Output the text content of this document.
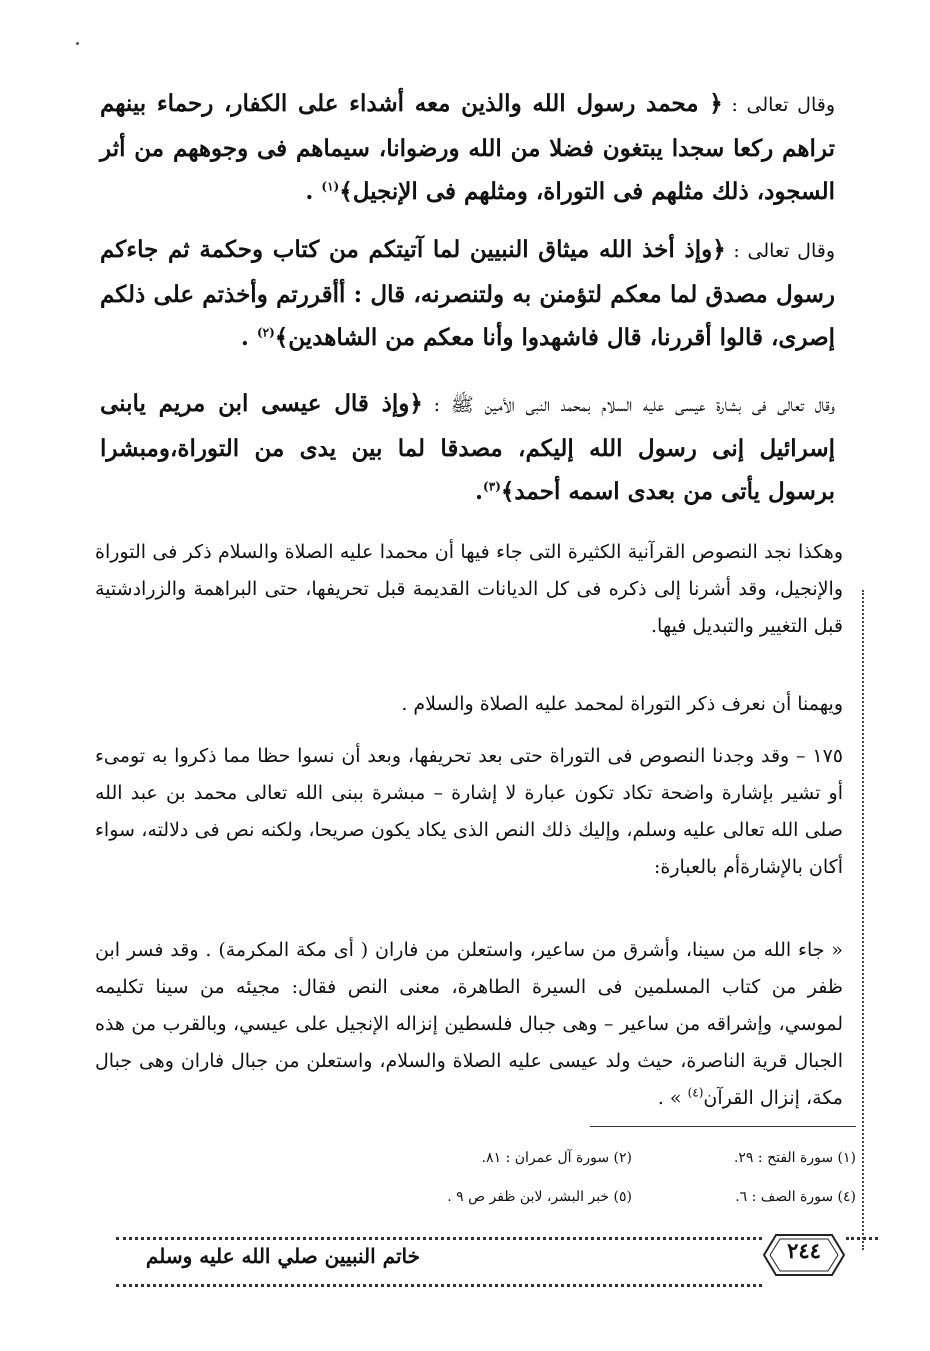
وقال تعالى : ﴿ محمد رسول الله والذين معه أشداء على الكفار، رحماء بينهم تراهم ركعا سجدا يبتغون فضلا من الله ورضوانا، سيماهم فى وجوههم من أثر السجود، ذلك مثلهم فى التوراة، ومثلهم فى الإنجيل﴾$^{(١)}$ .

وقال تعالى : ﴿وإذ أخذ الله ميثاق النبيين لما آتيتكم من كتاب وحكمة ثم جاءكم رسول مصدق لما معكم لتؤمنن به ولتنصرنه، قال : أأقررتم وأخذتم على ذلكم إصرى، قالوا أقررنا، قال فاشهدوا وأنا معكم من الشاهدين﴾$^{(٢)}$ .

وقال تعالى فى بشارة عيسى عليه السلام بمحمد النبى الأمين ﷺ : ﴿وإذ قال عيسى ابن مريم يابنى إسرائيل إنى رسول الله إليكم، مصدقا لما بين يدى من التوراة،ومبشرا برسول يأتى من بعدى اسمه أحمد﴾$^{(٣)}$.

وهكذا نجد النصوص القرآنية الكثيرة التى جاء فيها أن محمدا عليه الصلاة والسلام ذكر فى التوراة والإنجيل، وقد أشرنا إلى ذكره فى كل الديانات القديمة قبل تحريفها، حتى البراهمة والزرادشتية قبل التغيير والتبديل فيها.

ويهمنا أن نعرف ذكر التوراة لمحمد عليه الصلاة والسلام .

١٧٥ – وقد وجدنا النصوص فى التوراة حتى بعد تحريفها، وبعد أن نسوا حظا مما ذكروا به تومىء أو تشير بإشارة واضحة تكاد تكون عبارة لا إشارة – مبشرة ببنى الله تعالى محمد بن عبد الله صلى الله تعالى عليه وسلم، وإليك ذلك النص الذى يكاد يكون صريحا، ولكنه نص فى دلالته، سواء أكان بالإشارةأم بالعبارة:

« جاء الله من سينا، وأشرق من ساعير، واستعلن من فاران ( أى مكة المكرمة) . وقد فسر ابن ظفر من كتاب المسلمين فى السيرة الطاهرة، معنى النص فقال: مجيئه من سينا تكليمه لموسي، وإشراقه من ساعير – وهى جبال فلسطين إنزاله الإنجيل على عيسي، وبالقرب من هذه الجبال قرية الناصرة، حيث ولد عيسى عليه الصلاة والسلام، واستعلن من جبال فاران وهى جبال مكة، إنزال القرآن$^{(٤)}$ » .

(١) سورة الفتح : ٢٩.
(٢) سورة آل عمران : ٨١.
(٤) سورة الصف : ٦.
(٥) خبر البشر، لابن ظفر ص ٩ .
٢٤٤
خاتم النبيين صلي الله عليه وسلم
